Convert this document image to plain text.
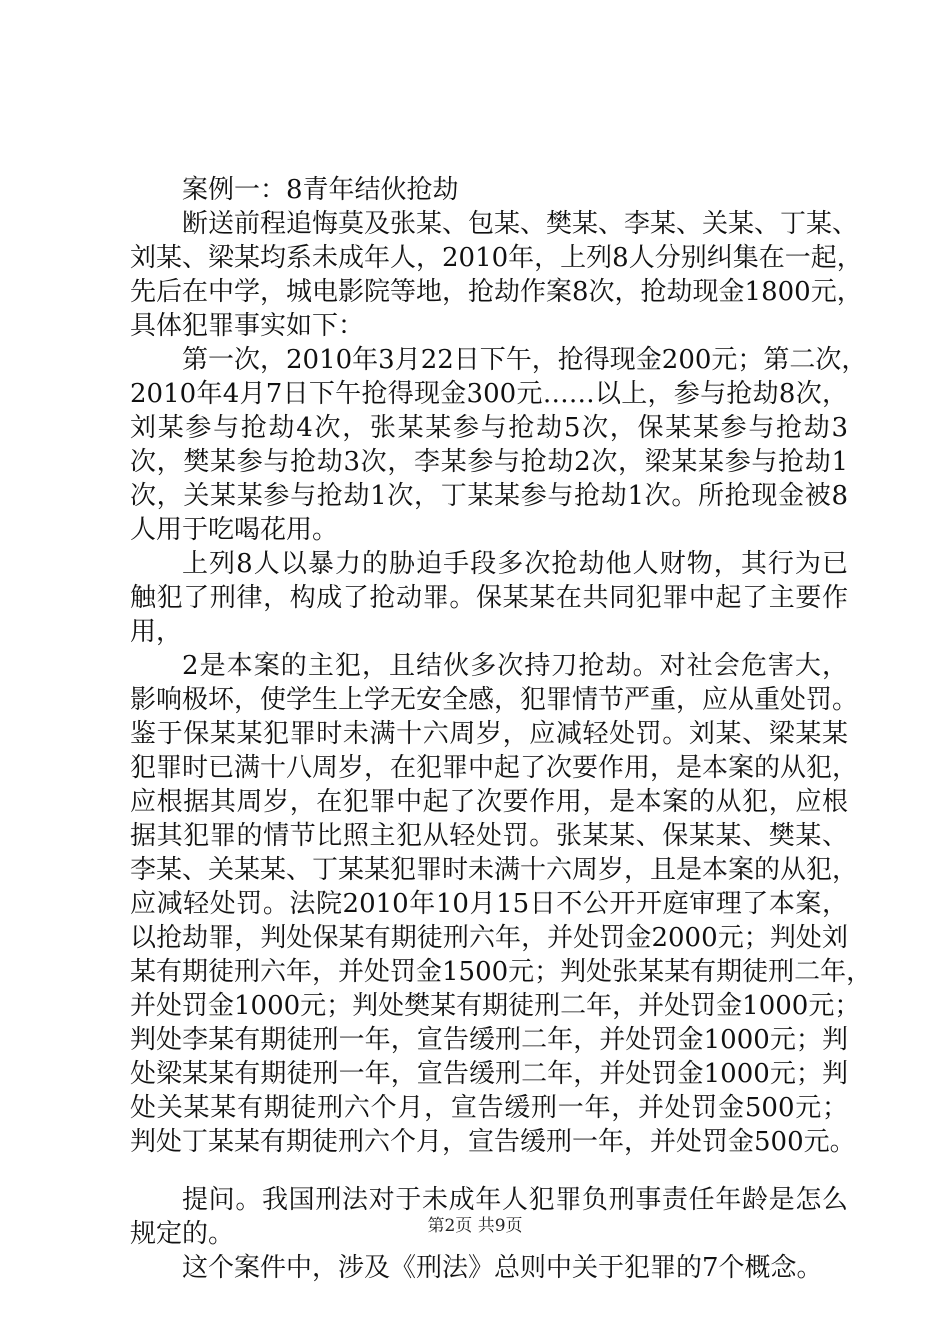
案例一：8青年结伙抢劫
断送前程追悔莫及张某、包某、樊某、李某、关某、丁某、
刘某、梁某均系未成年人，2010年，上列8人分别纠集在一起，
先后在中学，城电影院等地，抢劫作案8次，抢劫现金1800元，
具体犯罪事实如下：
第一次，2010年3月22日下午，抢得现金200元；第二次，
2010年4月7日下午抢得现金300元……以上，参与抢劫8次，
刘某参与抢劫4次，张某某参与抢劫5次，保某某参与抢劫3
次，樊某参与抢劫3次，李某参与抢劫2次，梁某某参与抢劫1
次，关某某参与抢劫1次，丁某某参与抢劫1次。所抢现金被8
人用于吃喝花用。
上列8人以暴力的胁迫手段多次抢劫他人财物，其行为已
触犯了刑律，构成了抢动罪。保某某在共同犯罪中起了主要作
用，
2是本案的主犯，且结伙多次持刀抢劫。对社会危害大，
影响极坏，使学生上学无安全感，犯罪情节严重，应从重处罚。
鉴于保某某犯罪时未满十六周岁，应减轻处罚。刘某、梁某某
犯罪时已满十八周岁，在犯罪中起了次要作用，是本案的从犯，
应根据其周岁，在犯罪中起了次要作用，是本案的从犯，应根
据其犯罪的情节比照主犯从轻处罚。张某某、保某某、樊某、
李某、关某某、丁某某犯罪时未满十六周岁，且是本案的从犯，
应减轻处罚。法院2010年10月15日不公开开庭审理了本案，
以抢劫罪，判处保某有期徒刑六年，并处罚金2000元；判处刘
某有期徒刑六年，并处罚金1500元；判处张某某有期徒刑二年，
并处罚金1000元；判处樊某有期徒刑二年，并处罚金1000元；
判处李某有期徒刑一年，宣告缓刑二年，并处罚金1000元；判
处梁某某有期徒刑一年，宣告缓刑二年，并处罚金1000元；判
处关某某有期徒刑六个月，宣告缓刑一年，并处罚金500元；
判处丁某某有期徒刑六个月，宣告缓刑一年，并处罚金500元。
提问。我国刑法对于未成年人犯罪负刑事责任年龄是怎么
规定的。
这个案件中，涉及《刑法》总则中关于犯罪的7个概念。
第2页 共9页
